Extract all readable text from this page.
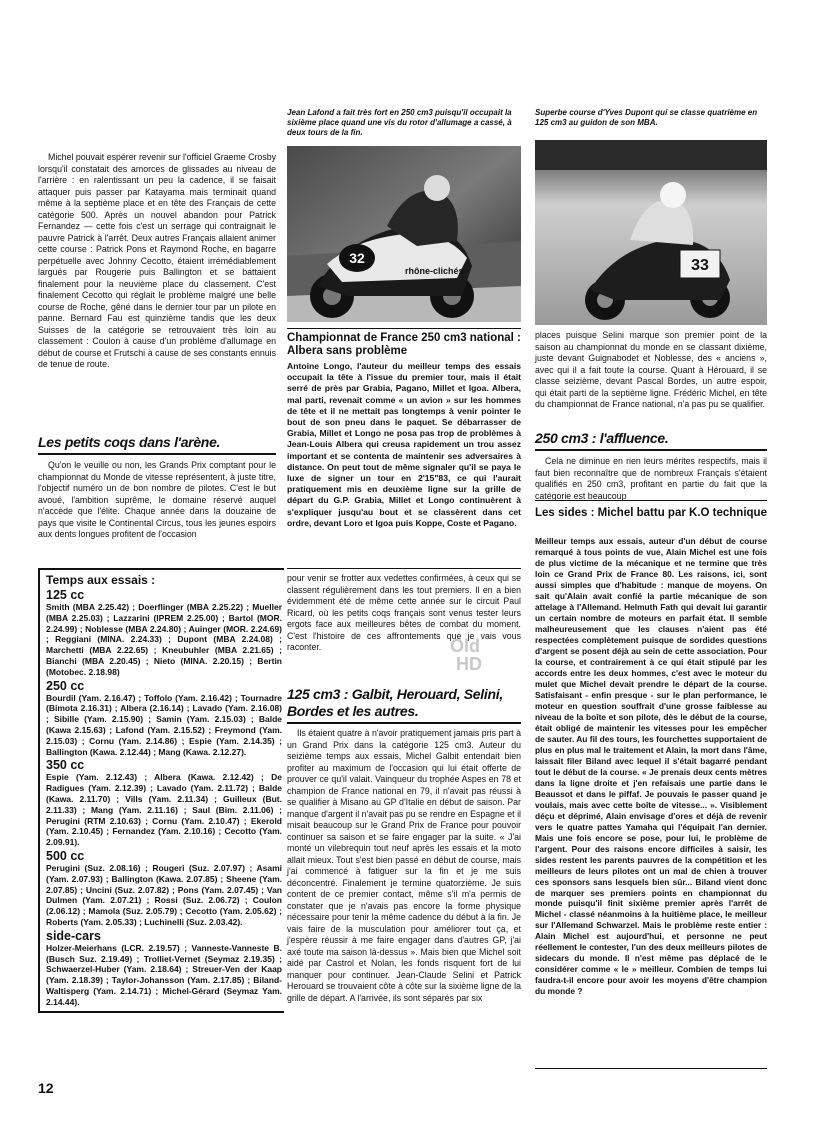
Jean Lafond a fait très fort en 250 cm3 puisqu'il occupait la sixième place quand une vis du rotor d'allumage a cassé, à deux tours de la fin.
Superbe course d'Yves Dupont qui se classe quatrième en 125 cm3 au guidon de son MBA.
32
rhône-clichés	33

Michel pouvait espérer revenir sur l'officiel Graeme Crosby lorsqu'il constatait des amorces de glissades au niveau de l'arrière : en ralentissant un peu la cadence, il se faisait attaquer puis passer par Katayama mais terminait quand même à la septième place et en tête des Français de cette catégorie 500. Après un nouvel abandon pour Patrick Fernandez — cette fois c'est un serrage qui contraignait le pauvre Patrick à l'arrêt. Deux autres Français allaient animer cette course : Patrick Pons et Raymond Roche, en bagarre perpétuelle avec Johnny Cecotto, étaient irrémédiablement largués par Rougerie puis Ballington et se battaient finalement pour la neuvième place du classement. C'est finalement Cecotto qui réglait le problème malgré une belle course de Roche, gêné dans le dernier tour par un pilote en panne. Bernard Fau est quinzième tandis que les deux Suisses de la catégorie se retrouvaient très loin au classement : Coulon à cause d'un problème d'allumage en début de course et Frutschi à cause de ses constants ennuis de tenue de route.

Les petits coqs dans l'arène.

Qu'on le veuille ou non, les Grands Prix comptant pour le championnat du Monde de vitesse représentent, à juste titre, l'objectif numéro un de bon nombre de pilotes. C'est le but avoué, l'ambition suprême, le domaine réservé auquel n'accède que l'élite. Chaque année dans la douzaine de pays que visite le Continental Circus, tous les jeunes espoirs aux dents longues profitent de l'occasion

Temps aux essais :
125 cc

Smith (MBA 2.25.42) ; Doerflinger (MBA 2.25.22) ; Mueller (MBA 2.25.03) ; Lazzarini (IPREM 2.25.00) ; Bartol (MOR. 2.24.99) ; Noblesse (MBA 2.24.80) ; Auinger (MOR. 2.24.69) ; Reggiani (MINA. 2.24.33) ; Dupont (MBA 2.24.08) ; Marchetti (MBA 2.22.65) ; Kneubuhler (MBA 2.21.65) ; Bianchi (MBA 2.20.45) ; Nieto (MINA. 2.20.15) ; Bertin (Motobec. 2.18.98)

250 cc

Bourdil (Yam. 2.16.47) ; Toffolo (Yam. 2.16.42) ; Tournadre (Bimota 2.16.31) ; Albera (2.16.14) ; Lavado (Yam. 2.16.08) ; Sibille (Yam. 2.15.90) ; Samin (Yam. 2.15.03) ; Balde (Kawa 2.15.63) ; Lafond (Yam. 2.15.52) ; Freymond (Yam. 2.15.03) ; Cornu (Yam. 2.14.86) ; Espie (Yam. 2.14.35) ; Ballington (Kawa. 2.12.44) ; Mang (Kawa. 2.12.27).

350 cc

Espie (Yam. 2.12.43) ; Albera (Kawa. 2.12.42) ; De Radigues (Yam. 2.12.39) ; Lavado (Yam. 2.11.72) ; Balde (Kawa. 2.11.70) ; Vills (Yam. 2.11.34) ; Guilleux (But. 2.11.33) ; Mang (Yam. 2.11.16) ; Saul (Bim. 2.11.06) ; Perugini (RTM 2.10.63) ; Cornu (Yam. 2.10.47) ; Ekerold (Yam. 2.10.45) ; Fernandez (Yam. 2.10.16) ; Cecotto (Yam. 2.09.91).

500 cc

Perugini (Suz. 2.08.16) ; Rougeri (Suz. 2.07.97) ; Asami (Yam. 2.07.93) ; Ballington (Kawa. 2.07.85) ; Sheene (Yam. 2.07.85) ; Uncini (Suz. 2.07.82) ; Pons (Yam. 2.07.45) ; Van Dulmen (Yam. 2.07.21) ; Rossi (Suz. 2.06.72) ; Coulon (2.06.12) ; Mamola (Suz. 2.05.79) ; Cecotto (Yam. 2.05.62) ; Roberts (Yam. 2.05.33) ; Luchinelli (Suz. 2.03.42).

side-cars

Holzer-Meierhans (LCR. 2.19.57) ; Vanneste-Vanneste B. (Busch Suz. 2.19.49) ; Trolliet-Vernet (Seymaz 2.19.35) ; Schwaerzel-Huber (Yam. 2.18.64) ; Streuer-Ven der Kaap (Yam. 2.18.39) ; Taylor-Johansson (Yam. 2.17.85) ; Biland-Waltisperg (Yam. 2.14.71) ; Michel-Gérard (Seymaz Yam. 2.14.44).

Championnat de France 250 cm3 national : Albera sans problème

Antoine Longo, l'auteur du meilleur temps des essais occupait la tête à l'issue du premier tour, mais il était serré de près par Grabia, Pagano, Millet et Igoa. Albera, mal parti, revenait comme « un avion » sur les hommes de tête et il ne mettait pas longtemps à venir pointer le bout de son pneu dans le paquet. Se débarrasser de Grabia, Millet et Longo ne posa pas trop de problèmes à Jean-Louis Albera qui creusa rapidement un trou assez important et se contenta de maintenir ses adversaires à distance. On peut tout de même signaler qu'il se paya le luxe de signer un tour en 2'15"83, ce qui l'aurait pratiquement mis en deuxième ligne sur la grille de départ du G.P. Grabia, Millet et Longo continuèrent à s'expliquer jusqu'au bout et se classèrent dans cet ordre, devant Loro et Igoa puis Koppe, Coste et Pagano.

pour venir se frotter aux vedettes confirmées, à ceux qui se classent régulièrement dans les tout premiers. Il en a bien évidemment été de même cette année sur le circuit Paul Ricard, où les petits coqs français sont venus tester leurs ergots face aux meilleures bêtes de combat du moment. C'est l'histoire de ces affrontements que je vais vous raconter.

125 cm3 : Galbit, Herouard, Selini, Bordes et les autres.

Ils étaient quatre à n'avoir pratiquement jamais pris part à un Grand Prix dans la catégorie 125 cm3. Auteur du seizième temps aux essais, Michel Galbit entendait bien profiter au maximum de l'occasion qui lui était offerte de prouver ce qu'il valait. Vainqueur du trophée Aspes en 78 et champion de France national en 79, il n'avait pas réussi à se qualifier à Misano au GP d'Italie en début de saison. Par manque d'argent il n'avait pas pu se rendre en Espagne et il misait beaucoup sur le Grand Prix de France pour pouvoir continuer sa saison et se faire engager par la suite. « J'ai monté un vilebrequin tout neuf après les essais et la moto allait mieux. Tout s'est bien passé en début de course, mais j'ai commencé à fatiguer sur la fin et je me suis déconcentré. Finalement je termine quatorzième. Je suis content de ce premier contact, même s'il m'a permis de constater que je n'avais pas encore la forme physique nécessaire pour tenir la même cadence du début à la fin. Je vais faire de la musculation pour améliorer tout ça, et j'espère réussir à me faire engager dans d'autres GP, j'ai axé toute ma saison là-dessus ». Mais bien que Michel soit aidé par Castrol et Nolan, les fonds risquent fort de lui manquer pour continuer. Jean-Claude Selini et Patrick Herouard se trouvaient côte à côte sur la sixième ligne de la grille de départ. A l'arrivée, ils sont séparés par six

places puisque Selini marque son premier point de la saison au championnat du monde en se classant dixième, juste devant Guignabodet et Noblesse, des « anciens », avec qui il a fait toute la course. Quant à Hérouard, il se classe seizième, devant Pascal Bordes, un autre espoir, qui était parti de la septième ligne. Frédéric Michel, en tête du championnat de France national, n'a pas pu se qualifier.

250 cm3 : l'affluence.

Cela ne diminue en rien leurs mérites respectifs, mais il faut bien reconnaître que de nombreux Français s'étaient qualifiés en 250 cm3, profitant en partie du fait que la catégorie est beaucoup

Les sides : Michel battu par K.O technique

Meilleur temps aux essais, auteur d'un début de course remarqué à tous points de vue, Alain Michel est une fois de plus victime de la mécanique et ne termine que très loin ce Grand Prix de France 80. Les raisons, ici, sont aussi simples que d'habitude : manque de moyens. On sait qu'Alain avait confié la partie mécanique de son attelage à l'Allemand. Helmuth Fath qui devait lui garantir un certain nombre de moteurs en parfait état. Il semble malheureusement que les clauses n'aient pas été respectées complètement puisque de sordides questions d'argent se posent déjà au sein de cette association. Pour la course, et contrairement à ce qui était stipulé par les accords entre les deux hommes, c'est avec le moteur du mulet que Michel devait prendre le départ de la course. Satisfaisant - enfin presque - sur le plan performance, le moteur en question souffrait d'une grosse faiblesse au niveau de la boîte et son pilote, dès le début de la course, était obligé de maintenir les vitesses pour les empêcher de sauter. Au fil des tours, les fourchettes supportaient de plus en plus mal le traitement et Alain, la mort dans l'âme, laissait filer Biland avec lequel il s'était bagarré pendant tout le début de la course. « Je prenais deux cents mètres dans la ligne droite et j'en refaisais une partie dans le Beaussot et dans le piffaf. Je pouvais le passer quand je voulais, mais avec cette boîte de vitesse... ». Visiblement déçu et déprimé, Alain envisage d'ores et déjà de revenir vers le quatre pattes Yamaha qui l'équipait l'an dernier. Mais une fois encore se pose, pour lui, le problème de l'argent. Pour des raisons encore difficiles à saisir, les sides restent les parents pauvres de la compétition et les meilleurs de leurs pilotes ont un mal de chien à trouver ces sponsors sans lesquels bien sûr... Biland vient donc de marquer ses premiers points en championnat du monde puisqu'il finit sixième premier après l'arrêt de Michel - classé néanmoins à la huitième place, le meilleur sur l'Allemand Schwarzel. Mais le problème reste entier : Alain Michel est aujourd'hui, et personne ne peut réellement le contester, l'un des deux meilleurs pilotes de sidecars du monde. Il n'est même pas déplacé de le considérer comme « le » meilleur. Combien de temps lui faudra-t-il encore pour avoir les moyens d'être champion du monde ?

Old
HD
12
